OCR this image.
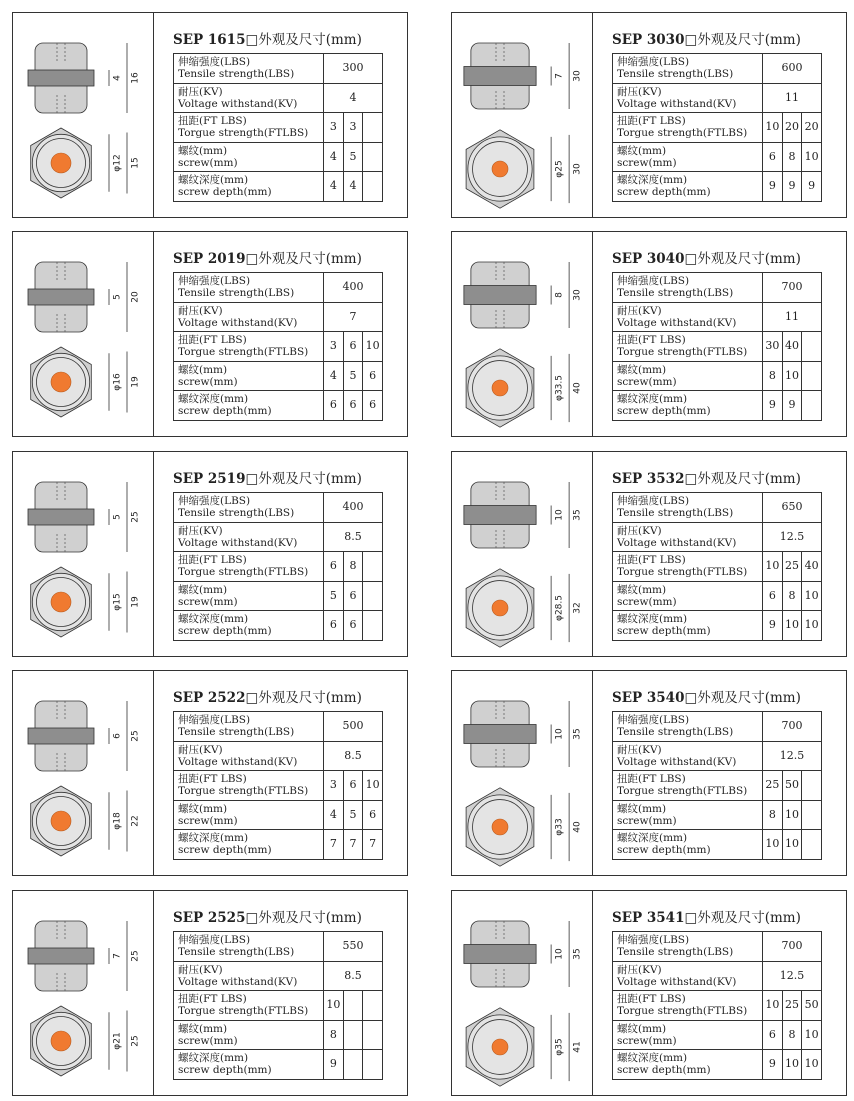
4 16
φ12 15
SEP 1615□外观及尺寸(mm)
伸缩强度(LBS)
Tensile strength(LBS)	300		

耐压(KV)
Voltage withstand(KV)	4		

扭距(FT LBS)
Torgue strength(FTLBS)	3	3	

螺纹(mm)
screw(mm)	4	5	

螺纹深度(mm)
screw depth(mm)	4	4	
7 30
φ25 30
SEP 3030□外观及尺寸(mm)
伸缩强度(LBS)
Tensile strength(LBS)	600		

耐压(KV)
Voltage withstand(KV)	11		

扭距(FT LBS)
Torgue strength(FTLBS)	10	20	20

螺纹(mm)
screw(mm)	6	8	10

螺纹深度(mm)
screw depth(mm)	9	9	9
5 20
φ16 19
SEP 2019□外观及尺寸(mm)
伸缩强度(LBS)
Tensile strength(LBS)	400		

耐压(KV)
Voltage withstand(KV)	7		

扭距(FT LBS)
Torgue strength(FTLBS)	3	6	10

螺纹(mm)
screw(mm)	4	5	6

螺纹深度(mm)
screw depth(mm)	6	6	6
8 30
φ33.5 40
SEP 3040□外观及尺寸(mm)
伸缩强度(LBS)
Tensile strength(LBS)	700		

耐压(KV)
Voltage withstand(KV)	11		

扭距(FT LBS)
Torgue strength(FTLBS)	30	40	

螺纹(mm)
screw(mm)	8	10	

螺纹深度(mm)
screw depth(mm)	9	9	
5 25
φ15 19
SEP 2519□外观及尺寸(mm)
伸缩强度(LBS)
Tensile strength(LBS)	400		

耐压(KV)
Voltage withstand(KV)	8.5		

扭距(FT LBS)
Torgue strength(FTLBS)	6	8	

螺纹(mm)
screw(mm)	5	6	

螺纹深度(mm)
screw depth(mm)	6	6	
10 35
φ28.5 32
SEP 3532□外观及尺寸(mm)
伸缩强度(LBS)
Tensile strength(LBS)	650		

耐压(KV)
Voltage withstand(KV)	12.5		

扭距(FT LBS)
Torgue strength(FTLBS)	10	25	40

螺纹(mm)
screw(mm)	6	8	10

螺纹深度(mm)
screw depth(mm)	9	10	10
6 25
φ18 22
SEP 2522□外观及尺寸(mm)
伸缩强度(LBS)
Tensile strength(LBS)	500		

耐压(KV)
Voltage withstand(KV)	8.5		

扭距(FT LBS)
Torgue strength(FTLBS)	3	6	10

螺纹(mm)
screw(mm)	4	5	6

螺纹深度(mm)
screw depth(mm)	7	7	7
10 35
φ33 40
SEP 3540□外观及尺寸(mm)
伸缩强度(LBS)
Tensile strength(LBS)	700		

耐压(KV)
Voltage withstand(KV)	12.5		

扭距(FT LBS)
Torgue strength(FTLBS)	25	50	

螺纹(mm)
screw(mm)	8	10	

螺纹深度(mm)
screw depth(mm)	10	10	
7 25
φ21 25
SEP 2525□外观及尺寸(mm)
伸缩强度(LBS)
Tensile strength(LBS)	550		

耐压(KV)
Voltage withstand(KV)	8.5		

扭距(FT LBS)
Torgue strength(FTLBS)	10		

螺纹(mm)
screw(mm)	8		

螺纹深度(mm)
screw depth(mm)	9		
10 35
φ35 41
SEP 3541□外观及尺寸(mm)
伸缩强度(LBS)
Tensile strength(LBS)	700		

耐压(KV)
Voltage withstand(KV)	12.5		

扭距(FT LBS)
Torgue strength(FTLBS)	10	25	50

螺纹(mm)
screw(mm)	6	8	10

螺纹深度(mm)
screw depth(mm)	9	10	10
